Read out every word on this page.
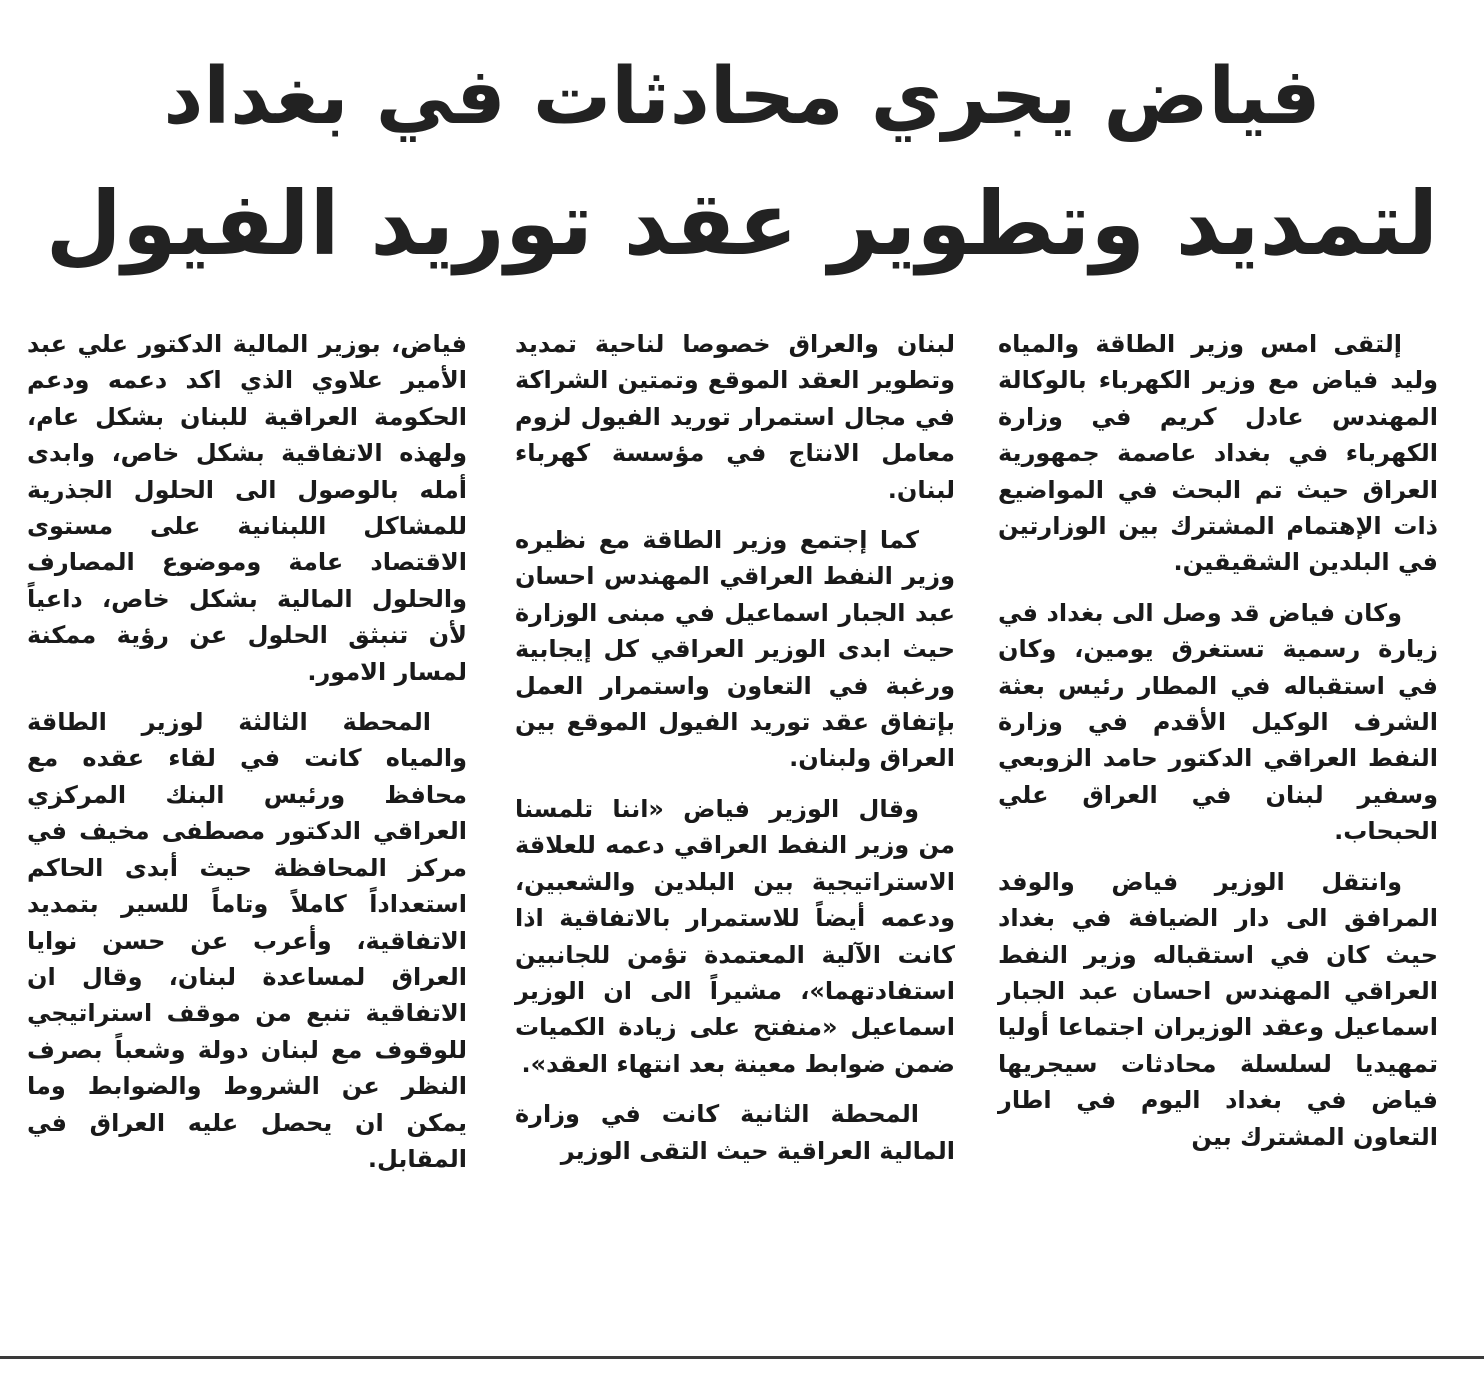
فياض يجري محادثات في بغداد
لتمديد وتطوير عقد توريد الفيول

إلتقى امس وزير الطاقة والمياه وليد فياض مع وزير الكهرباء بالوكالة المهندس عادل كريم في وزارة الكهرباء في بغداد عاصمة جمهورية العراق حيث تم البحث في المواضيع ذات الإهتمام المشترك بين الوزارتين في البلدين الشقيقين.

وكان فياض قد وصل الى بغداد في زيارة رسمية تستغرق يومين، وكان في استقباله في المطار رئيس بعثة الشرف الوكيل الأقدم في وزارة النفط العراقي الدكتور حامد الزوبعي وسفير لبنان في العراق علي الحبحاب.

وانتقل الوزير فياض والوفد المرافق الى دار الضيافة في بغداد حيث كان في استقباله وزير النفط العراقي المهندس احسان عبد الجبار اسماعيل وعقد الوزيران اجتماعا أوليا تمهيديا لسلسلة محادثات سيجريها فياض في بغداد اليوم في اطار التعاون المشترك بين

لبنان والعراق خصوصا لناحية تمديد وتطوير العقد الموقع وتمتين الشراكة في مجال استمرار توريد الفيول لزوم معامل الانتاج في مؤسسة كهرباء لبنان.

كما إجتمع وزير الطاقة مع نظيره وزير النفط العراقي المهندس احسان عبد الجبار اسماعيل في مبنى الوزارة حيث ابدى الوزير العراقي كل إيجابية ورغبة في التعاون واستمرار العمل بإتفاق عقد توريد الفيول الموقع بين العراق ولبنان.

وقال الوزير فياض «اننا تلمسنا من وزير النفط العراقي دعمه للعلاقة الاستراتيجية بين البلدين والشعبين، ودعمه أيضاً للاستمرار بالاتفاقية اذا كانت الآلية المعتمدة تؤمن للجانبين استفادتهما»، مشيراً الى ان الوزير اسماعيل «منفتح على زيادة الكميات ضمن ضوابط معينة بعد انتهاء العقد».

المحطة الثانية كانت في وزارة المالية العراقية حيث التقى الوزير

فياض، بوزير المالية الدكتور علي عبد الأمير علاوي الذي اكد دعمه ودعم الحكومة العراقية للبنان بشكل عام، ولهذه الاتفاقية بشكل خاص، وابدى أمله بالوصول الى الحلول الجذرية للمشاكل اللبنانية على مستوى الاقتصاد عامة وموضوع المصارف والحلول المالية بشكل خاص، داعياً لأن تنبثق الحلول عن رؤية ممكنة لمسار الامور.

المحطة الثالثة لوزير الطاقة والمياه كانت في لقاء عقده مع محافظ ورئيس البنك المركزي العراقي الدكتور مصطفى مخيف في مركز المحافظة حيث أبدى الحاكم استعداداً كاملاً وتاماً للسير بتمديد الاتفاقية، وأعرب عن حسن نوايا العراق لمساعدة لبنان، وقال ان الاتفاقية تنبع من موقف استراتيجي للوقوف مع لبنان دولة وشعباً بصرف النظر عن الشروط والضوابط وما يمكن ان يحصل عليه العراق في المقابل.
